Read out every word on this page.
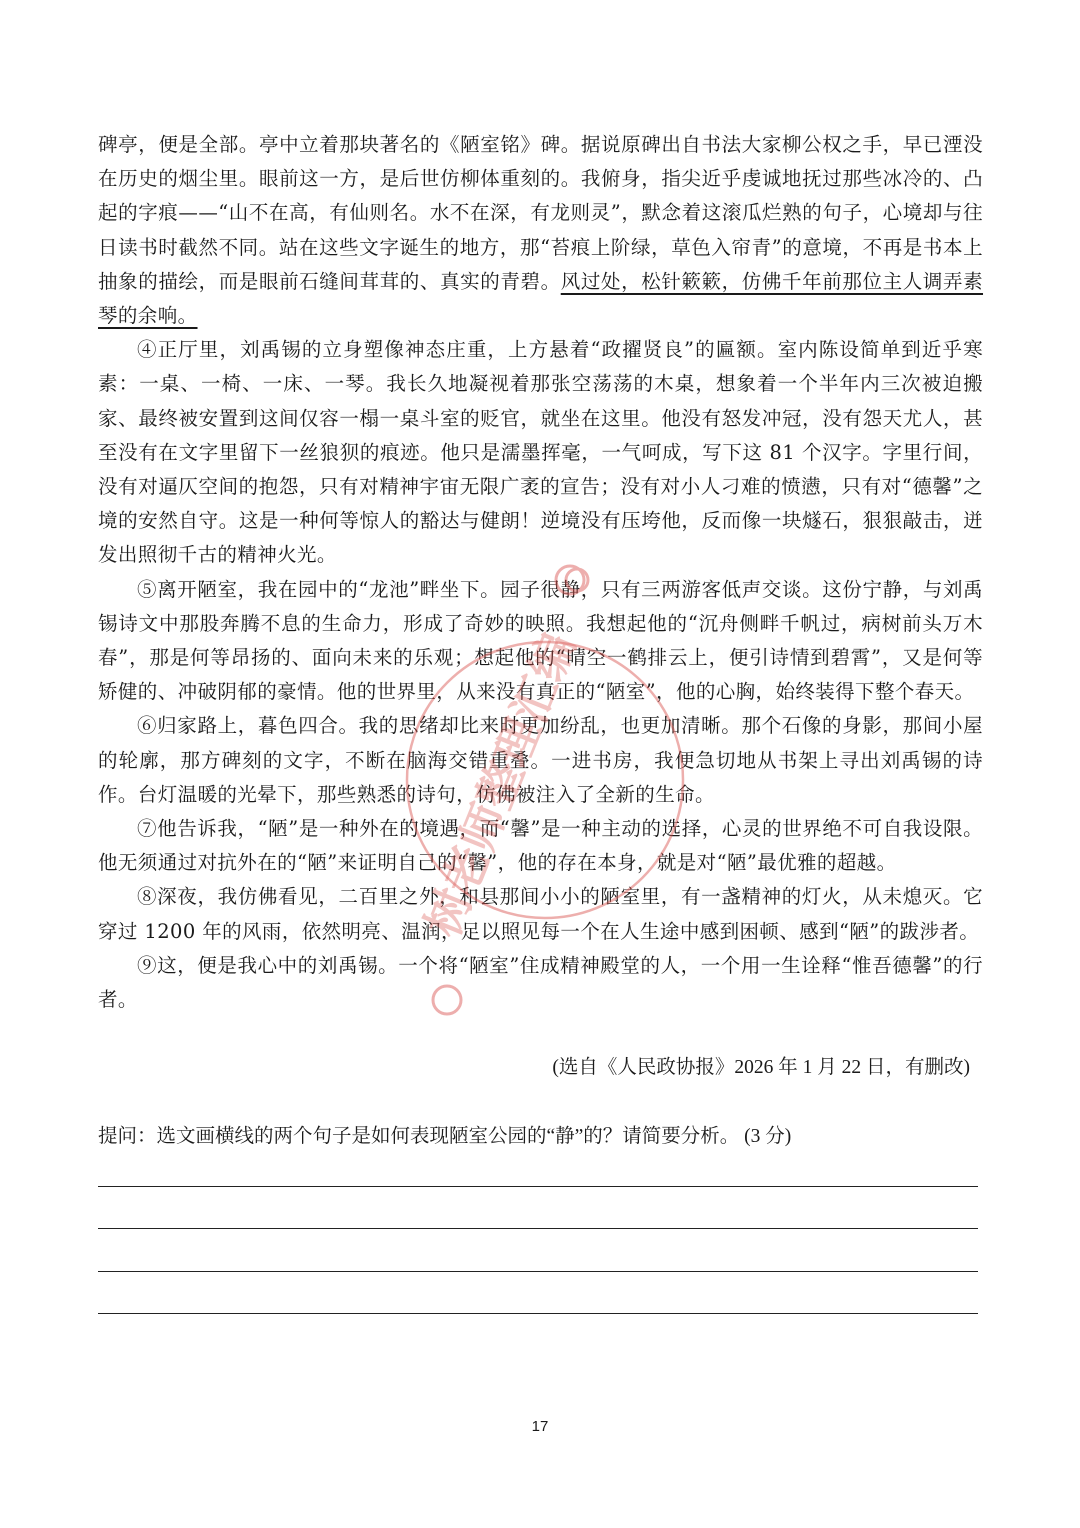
碑亭，便是全部。亭中立着那块著名的《陋室铭》碑。据说原碑出自书法大家柳公权之手，早已湮没在历史的烟尘里。眼前这一方，是后世仿柳体重刻的。我俯身，指尖近乎虔诚地抚过那些冰冷的、凸起的字痕——“山不在高，有仙则名。水不在深，有龙则灵”，默念着这滚瓜烂熟的句子，心境却与往日读书时截然不同。站在这些文字诞生的地方，那“苔痕上阶绿，草色入帘青”的意境，不再是书本上抽象的描绘，而是眼前石缝间茸茸的、真实的青碧。风过处，松针簌簌，仿佛千年前那位主人调弄素琴的余响。

④正厅里，刘禹锡的立身塑像神态庄重，上方悬着“政擢贤良”的匾额。室内陈设简单到近乎寒素：一桌、一椅、一床、一琴。我长久地凝视着那张空荡荡的木桌，想象着一个半年内三次被迫搬家、最终被安置到这间仅容一榻一桌斗室的贬官，就坐在这里。他没有怒发冲冠，没有怨天尤人，甚至没有在文字里留下一丝狼狈的痕迹。他只是濡墨挥毫，一气呵成，写下这 81 个汉字。字里行间，没有对逼仄空间的抱怨，只有对精神宇宙无限广袤的宣告；没有对小人刁难的愤懑，只有对“德馨”之境的安然自守。这是一种何等惊人的豁达与健朗！逆境没有压垮他，反而像一块燧石，狠狠敲击，迸发出照彻千古的精神火光。

⑤离开陋室，我在园中的“龙池”畔坐下。园子很静，只有三两游客低声交谈。这份宁静，与刘禹锡诗文中那股奔腾不息的生命力，形成了奇妙的映照。我想起他的“沉舟侧畔千帆过，病树前头万木春”，那是何等昂扬的、面向未来的乐观；想起他的“晴空一鹤排云上，便引诗情到碧霄”，又是何等矫健的、冲破阴郁的豪情。他的世界里，从来没有真正的“陋室”，他的心胸，始终装得下整个春天。

⑥归家路上，暮色四合。我的思绪却比来时更加纷乱，也更加清晰。那个石像的身影，那间小屋的轮廓，那方碑刻的文字，不断在脑海交错重叠。一进书房，我便急切地从书架上寻出刘禹锡的诗作。台灯温暖的光晕下，那些熟悉的诗句，仿佛被注入了全新的生命。

⑦他告诉我，“陋”是一种外在的境遇，而“馨”是一种主动的选择，心灵的世界绝不可自我设限。他无须通过对抗外在的“陋”来证明自己的“馨”，他的存在本身，就是对“陋”最优雅的超越。

⑧深夜，我仿佛看见，二百里之外，和县那间小小的陋室里，有一盏精神的灯火，从未熄灭。它穿过 1200 年的风雨，依然明亮、温润，足以照见每一个在人生途中感到困顿、感到“陋”的跋涉者。

⑨这，便是我心中的刘禹锡。一个将“陋室”住成精神殿堂的人，一个用一生诠释“惟吾德馨”的行者。

(选自《人民政协报》2026 年 1 月 22 日，有删改)
提问：选文画横线的两个句子是如何表现陋室公园的“静”的？请简要分析。 (3 分)
17
树老师整理汇编
